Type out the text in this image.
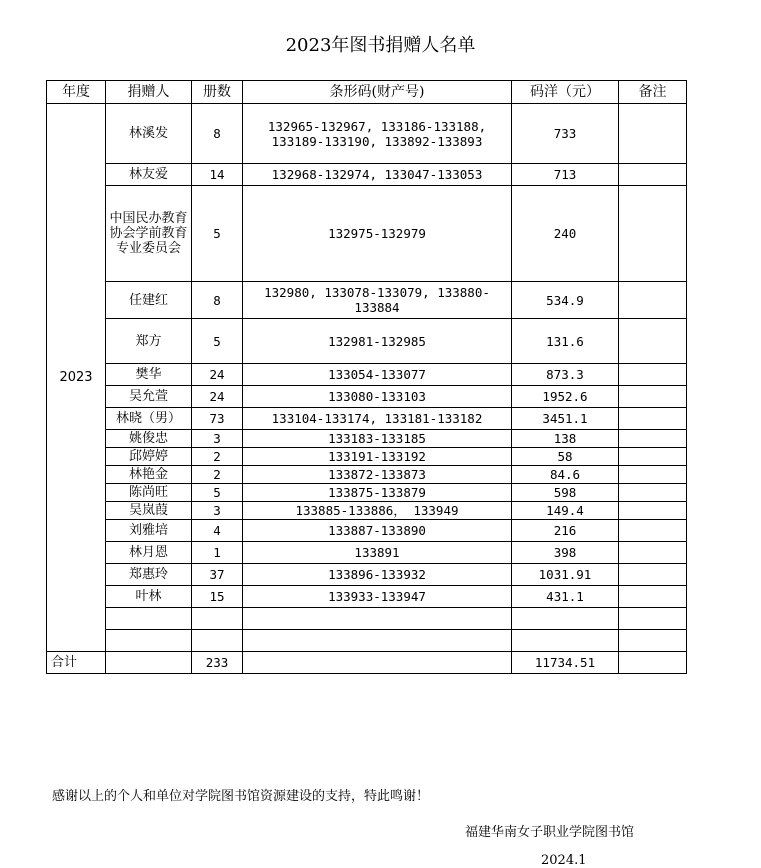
2023年图书捐赠人名单
年度	捐赠人	册数	条形码(财产号)	码洋（元）	备注
2023	林溪发	8	132965-132967, 133186-133188, 133189-133190, 133892-133893	733	
	林友爱	14	132968-132974, 133047-133053	713	
	中国民办教育协会学前教育专业委员会	5	132975-132979	240	
	任建红	8	132980, 133078-133079, 133880-133884	534.9	
	郑方	5	132981-132985	131.6	
	樊华	24	133054-133077	873.3	
	吴允萱	24	133080-133103	1952.6	
	林晓（男）	73	133104-133174, 133181-133182	3451.1	
	姚俊忠	3	133183-133185	138	
	邱婷婷	2	133191-133192	58	
	林艳金	2	133872-133873	84.6	
	陈尚旺	5	133875-133879	598	
	吴岚葭	3	133885-133886， 133949	149.4	
	刘雅培	4	133887-133890	216	
	林月恩	1	133891	398	
	郑惠玲	37	133896-133932	1031.91	
	叶林	15	133933-133947	431.1	

合计		233		11734.51	
感谢以上的个人和单位对学院图书馆资源建设的支持，特此鸣谢！
福建华南女子职业学院图书馆
2024.1
